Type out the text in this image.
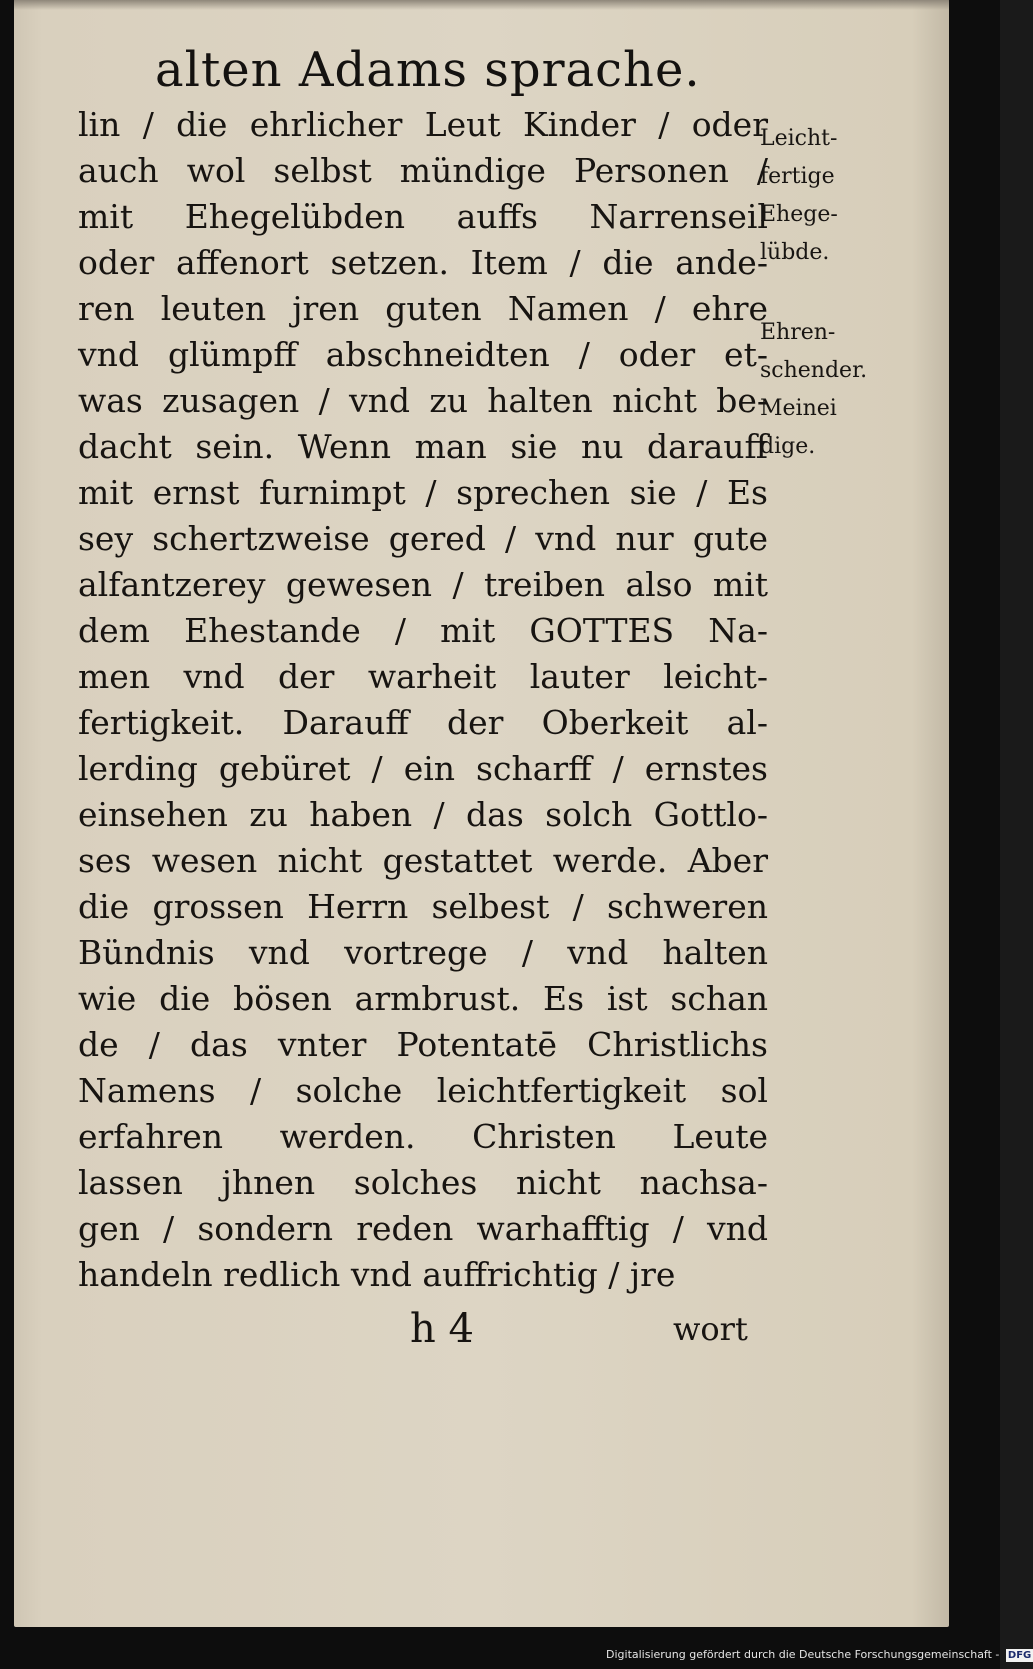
alten Adams sprache.
lin / die ehrlicher Leut Kinder / oder
auch wol selbst mündige Personen /
mit Ehegelübden auffs Narrenseil
oder affenort setzen. Item / die ande-
ren leuten jren guten Namen / ehre
vnd glümpff abschneidten / oder et-
was zusagen / vnd zu halten nicht be-
dacht sein. Wenn man sie nu darauff
mit ernst furnimpt / sprechen sie / Es
sey schertzweise gered / vnd nur gute
alfantzerey gewesen / treiben also mit
dem Ehestande / mit GOTTES Na-
men vnd der warheit lauter leicht-
fertigkeit. Darauff der Oberkeit al-
lerding gebüret / ein scharff / ernstes
einsehen zu haben / das solch Gottlo-
ses wesen nicht gestattet werde. Aber
die grossen Herrn selbest / schweren
Bündnis vnd vortrege / vnd halten
wie die bösen armbrust. Es ist schan
de / das vnter Potentatē Christlichs
Namens / solche leichtfertigkeit sol
erfahren werden. Christen Leute
lassen jhnen solches nicht nachsa-
gen / sondern reden warhafftig / vnd
handeln redlich vnd auffrichtig / jre
Leicht-
fertige
Ehege-
lübde.
Ehren-
schender.
Meinei
dige.
h 4	wort
Digitalisierung gefördert durch die Deutsche Forschungsgemeinschaft - DFG
